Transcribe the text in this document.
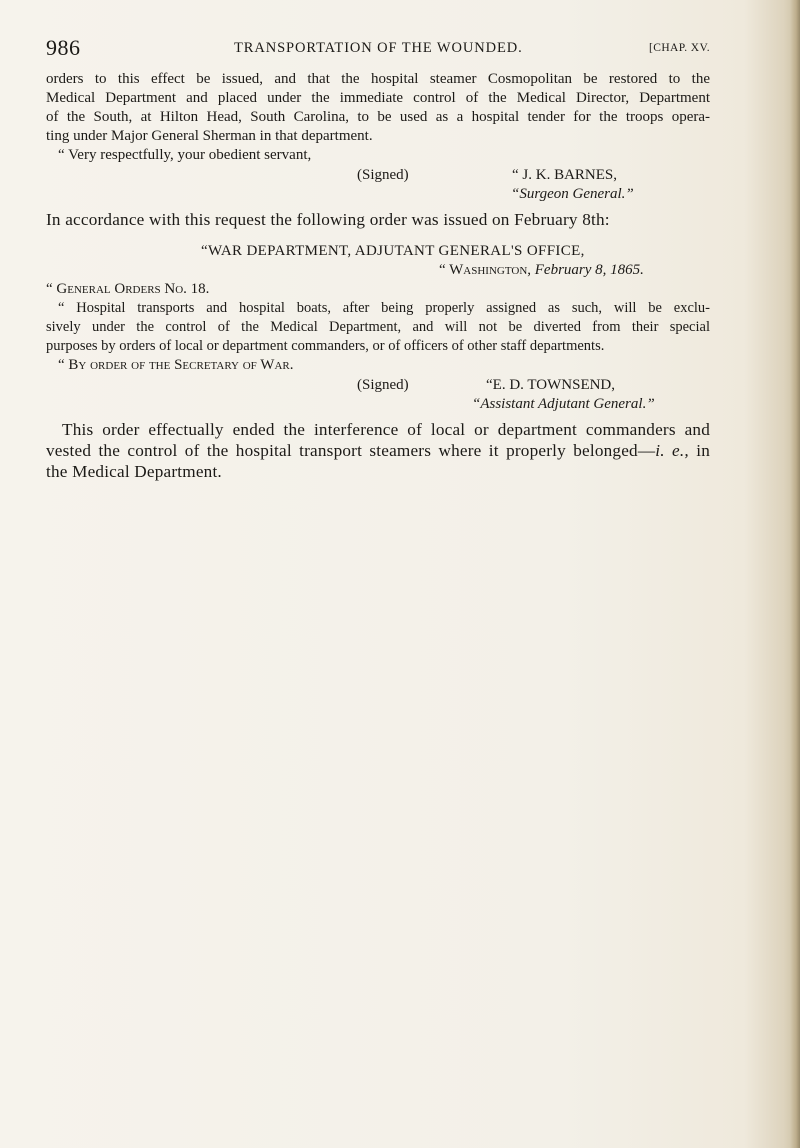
986	TRANSPORTATION OF THE WOUNDED.	[CHAP. XV.
orders to this effect be issued, and that the hospital steamer Cosmopolitan be restored to the
Medical Department and placed under the immediate control of the Medical Director, Department
of the South, at Hilton Head, South Carolina, to be used as a hospital tender for the troops opera-
ting under Major General Sherman in that department.
“ Very respectfully, your obedient servant,
(Signed)	“ J. K. BARNES,
“Surgeon General.”
In accordance with this request the following order was issued on February 8th:
“WAR DEPARTMENT, ADJUTANT GENERAL'S OFFICE,
“ Washington, February 8, 1865.
“ General Orders No. 18.
“ Hospital transports and hospital boats, after being properly assigned as such, will be exclu-
sively under the control of the Medical Department, and will not be diverted from their special
purposes by orders of local or department commanders, or of officers of other staff departments.
“ By order of the Secretary of War.
(Signed)	“E. D. TOWNSEND,
“Assistant Adjutant General.”
This order effectually ended the interference of local or department commanders and
vested the control of the hospital transport steamers where it properly belonged—i. e., in
the Medical Department.
